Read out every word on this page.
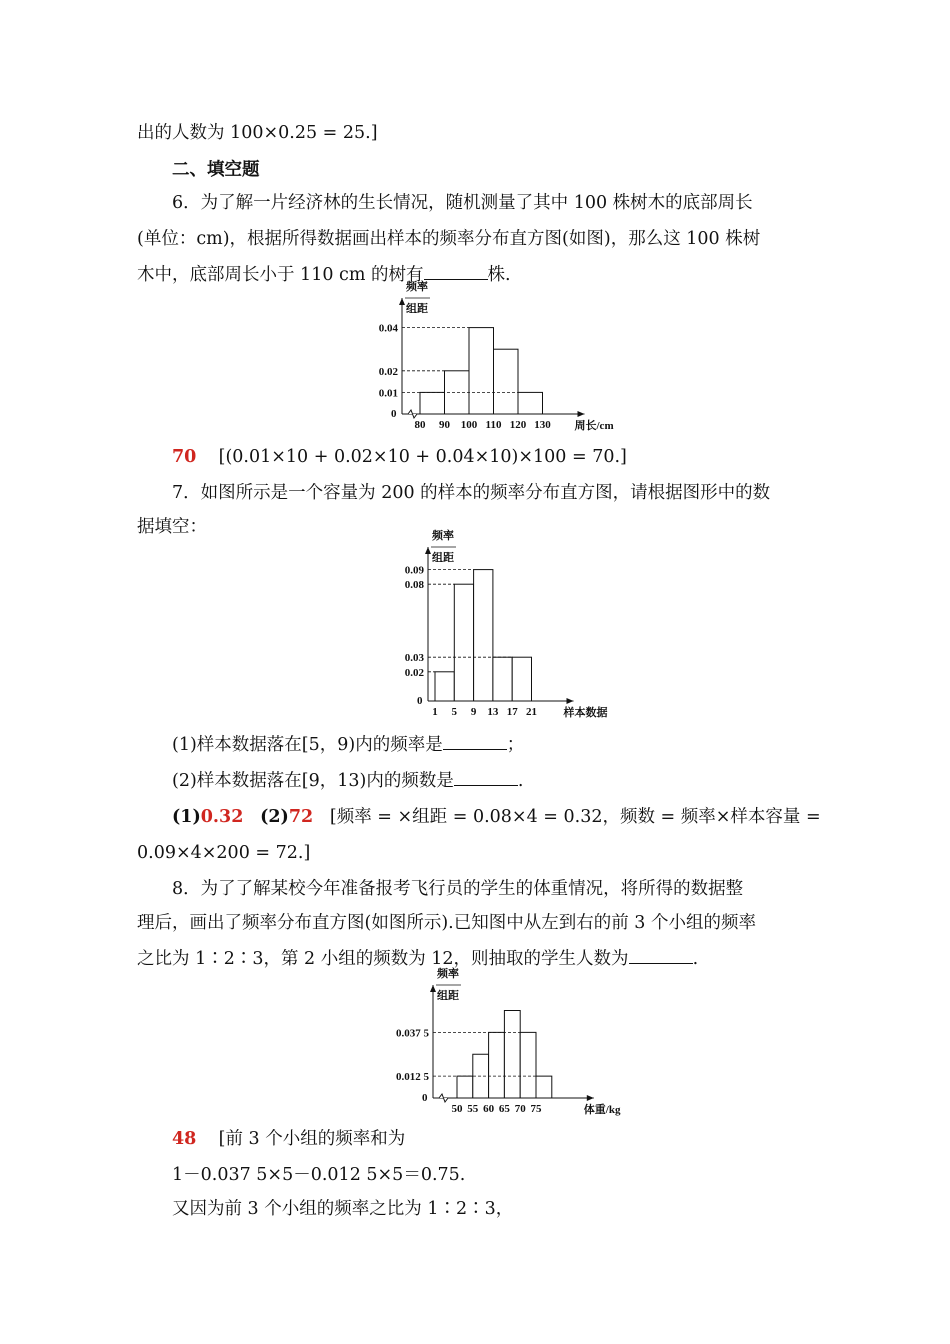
出的人数为 100×0.25 = 25.]
二、填空题
6．为了解一片经济林的生长情况，随机测量了其中 100 株树木的底部周长
(单位：cm)，根据所得数据画出样本的频率分布直方图(如图)，那么这 100 株树
木中，底部周长小于 110 cm 的树有	株.
频率
组距
0
0.04
0.02
0.01
80 90 100 110 120 130 周长/cm
70 [(0.01×10 + 0.02×10 + 0.04×10)×100 = 70.]
7．如图所示是一个容量为 200 的样本的频率分布直方图，请根据图形中的数
据填空：	频率
组距
0
0.09
0.08
0.03
0.02
1 5 9 13 17 21 样本数据
(1)样本数据落在[5，9)内的频率是	；
(2)样本数据落在[9，13)内的频数是	.
(1)0.32 (2)72 [频率 = ×组距 = 0.08×4 = 0.32，频数 = 频率×样本容量 =
0.09×4×200 = 72.]
8．为了了解某校今年准备报考飞行员的学生的体重情况，将所得的数据整
理后，画出了频率分布直方图(如图所示).已知图中从左到右的前 3 个小组的频率
之比为 1∶2∶3，第 2 小组的频数为 12，则抽取的学生人数为	.
频率
组距
0
0.037 5
0.012 5
50 55 60 65 70 75	体重/kg
48 [前 3 个小组的频率和为
1－0.037 5×5－0.012 5×5＝0.75.
又因为前 3 个小组的频率之比为 1∶2∶3，
